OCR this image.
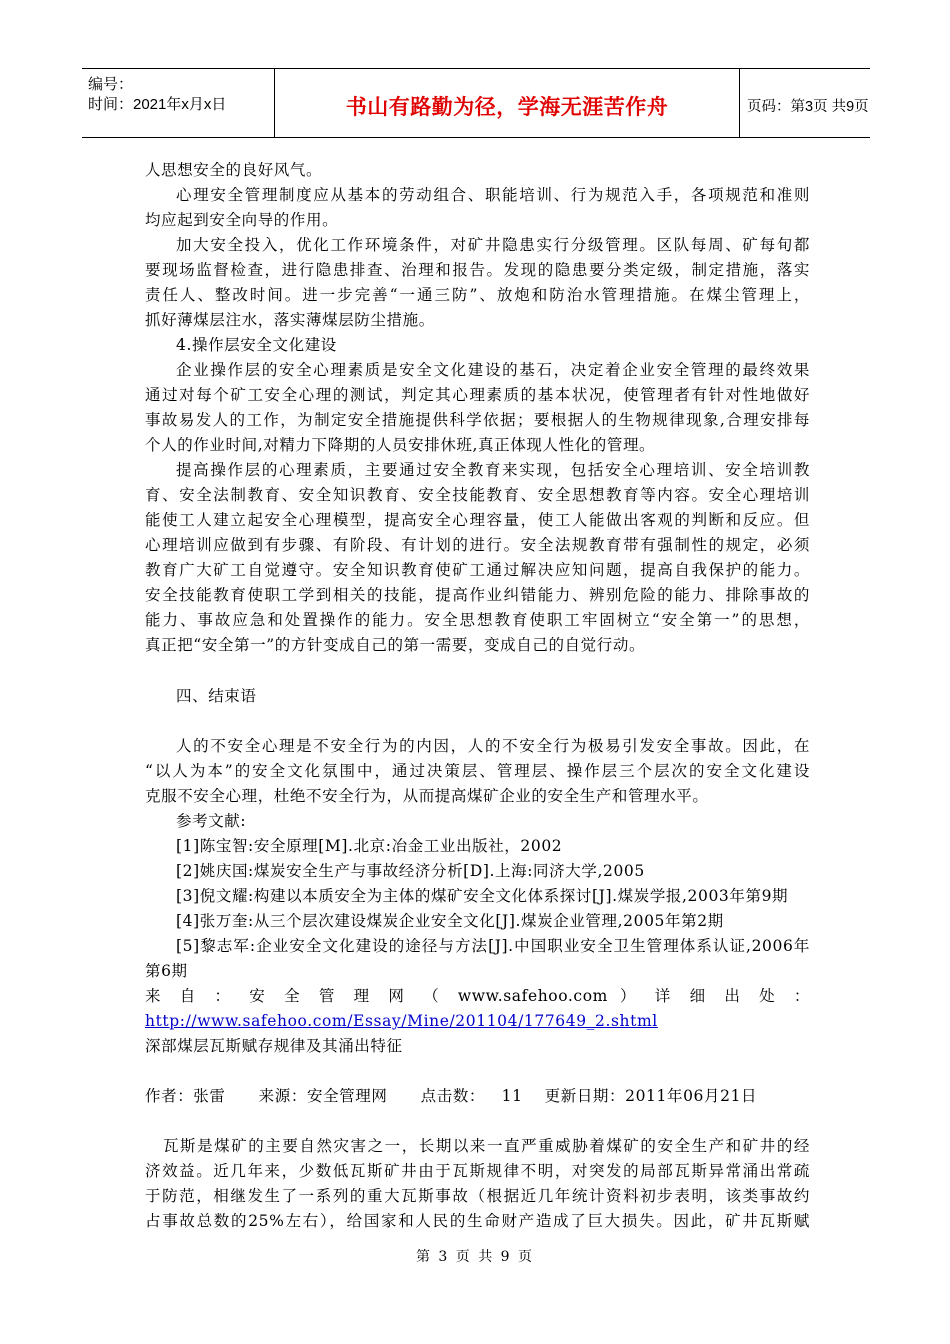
编号：
时间：2021年x月x日	书山有路勤为径，学海无涯苦作舟	页码：第3页 共9页
人思想安全的良好风气。
心理安全管理制度应从基本的劳动组合、职能培训、行为规范入手，各项规范和准则
均应起到安全向导的作用。
加大安全投入，优化工作环境条件，对矿井隐患实行分级管理。区队每周、矿每旬都
要现场监督检查，进行隐患排查、治理和报告。发现的隐患要分类定级，制定措施，落实
责任人、整改时间。进一步完善“一通三防”、放炮和防治水管理措施。在煤尘管理上，
抓好薄煤层注水，落实薄煤层防尘措施。
4.操作层安全文化建设
企业操作层的安全心理素质是安全文化建设的基石，决定着企业安全管理的最终效果
通过对每个矿工安全心理的测试，判定其心理素质的基本状况，使管理者有针对性地做好
事故易发人的工作，为制定安全措施提供科学依据；要根据人的生物规律现象,合理安排每
个人的作业时间,对精力下降期的人员安排休班,真正体现人性化的管理。
提高操作层的心理素质，主要通过安全教育来实现，包括安全心理培训、安全培训教
育、安全法制教育、安全知识教育、安全技能教育、安全思想教育等内容。安全心理培训
能使工人建立起安全心理模型，提高安全心理容量，使工人能做出客观的判断和反应。但
心理培训应做到有步骤、有阶段、有计划的进行。安全法规教育带有强制性的规定，必须
教育广大矿工自觉遵守。安全知识教育使矿工通过解决应知问题，提高自我保护的能力。
安全技能教育使职工学到相关的技能，提高作业纠错能力、辨别危险的能力、排除事故的
能力、事故应急和处置操作的能力。安全思想教育使职工牢固树立“安全第一”的思想，
真正把“安全第一”的方针变成自己的第一需要，变成自己的自觉行动。
四、结束语
人的不安全心理是不安全行为的内因，人的不安全行为极易引发安全事故。因此，在
“以人为本”的安全文化氛围中，通过决策层、管理层、操作层三个层次的安全文化建设
克服不安全心理，杜绝不安全行为，从而提高煤矿企业的安全生产和管理水平。
参考文献:
[1]陈宝智:安全原理[M].北京:冶金工业出版社，2002
[2]姚庆国:煤炭安全生产与事故经济分析[D].上海:同济大学,2005
[3]倪文耀:构建以本质安全为主体的煤矿安全文化体系探讨[J].煤炭学报,2003年第9期
[4]张万奎:从三个层次建设煤炭企业安全文化[J].煤炭企业管理,2005年第2期
[5]黎志军:企业安全文化建设的途径与方法[J].中国职业安全卫生管理体系认证,2006年
第6期
来 自 ： 安 全 管 理 网 （ www.safehoo.com ） 详 细 出 处 ：
http://www.safehoo.com/Essay/Mine/201104/177649_2.shtml
深部煤层瓦斯赋存规律及其涌出特征
作者：张雷      来源：安全管理网      点击数：   11    更新日期：2011年06月21日
瓦斯是煤矿的主要自然灾害之一，长期以来一直严重威胁着煤矿的安全生产和矿井的经
济效益。近几年来，少数低瓦斯矿井由于瓦斯规律不明，对突发的局部瓦斯异常涌出常疏
于防范，相继发生了一系列的重大瓦斯事故（根据近几年统计资料初步表明，该类事故约
占事故总数的25%左右），给国家和人民的生命财产造成了巨大损失。因此，矿井瓦斯赋
第 3 页 共 9 页
